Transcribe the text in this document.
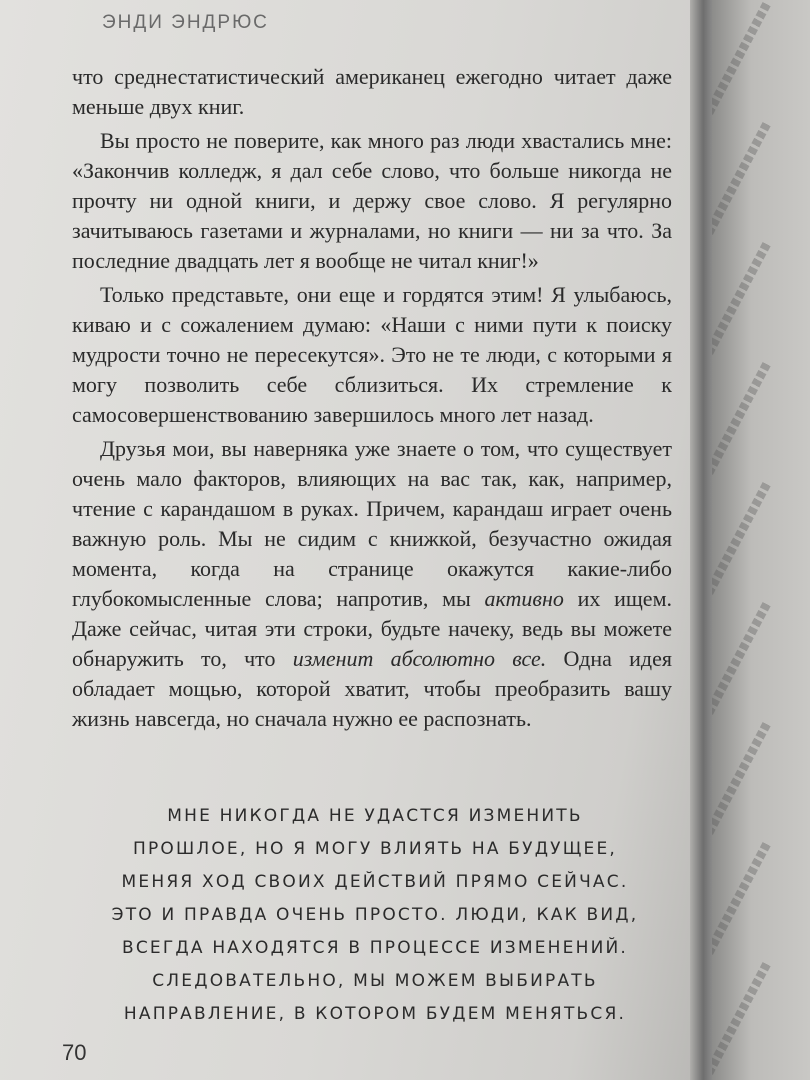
ЭНДИ ЭНДРЮС

что среднестатистический американец ежегодно читает даже меньше двух книг.

Вы просто не поверите, как много раз люди хвастались мне: «Закончив колледж, я дал себе слово, что больше никогда не прочту ни одной книги, и держу свое слово. Я регулярно зачитываюсь газетами и журналами, но книги — ни за что. За последние двадцать лет я вообще не читал книг!»

Только представьте, они еще и гордятся этим! Я улыбаюсь, киваю и с сожалением думаю: «Наши с ними пути к поиску мудрости точно не пересекутся». Это не те люди, с которыми я могу позволить себе сблизиться. Их стремление к самосовершенствованию завершилось много лет назад.

Друзья мои, вы наверняка уже знаете о том, что существует очень мало факторов, влияющих на вас так, как, например, чтение с карандашом в руках. Причем, карандаш играет очень важную роль. Мы не сидим с книжкой, безучастно ожидая момента, когда на странице окажутся какие-либо глубокомысленные слова; напротив, мы активно их ищем. Даже сейчас, читая эти строки, будьте начеку, ведь вы можете обнаружить то, что изменит абсолютно все. Одна идея обладает мощью, которой хватит, чтобы преобразить вашу жизнь навсегда, но сначала нужно ее распознать.

МНЕ НИКОГДА НЕ УДАСТСЯ ИЗМЕНИТЬ
ПРОШЛОЕ, НО Я МОГУ ВЛИЯТЬ НА БУДУЩЕЕ,
МЕНЯЯ ХОД СВОИХ ДЕЙСТВИЙ ПРЯМО СЕЙЧАС.
ЭТО И ПРАВДА ОЧЕНЬ ПРОСТО. ЛЮДИ, КАК ВИД,
ВСЕГДА НАХОДЯТСЯ В ПРОЦЕССЕ ИЗМЕНЕНИЙ.
СЛЕДОВАТЕЛЬНО, МЫ МОЖЕМ ВЫБИРАТЬ
НАПРАВЛЕНИЕ, В КОТОРОМ БУДЕМ МЕНЯТЬСЯ.
70
